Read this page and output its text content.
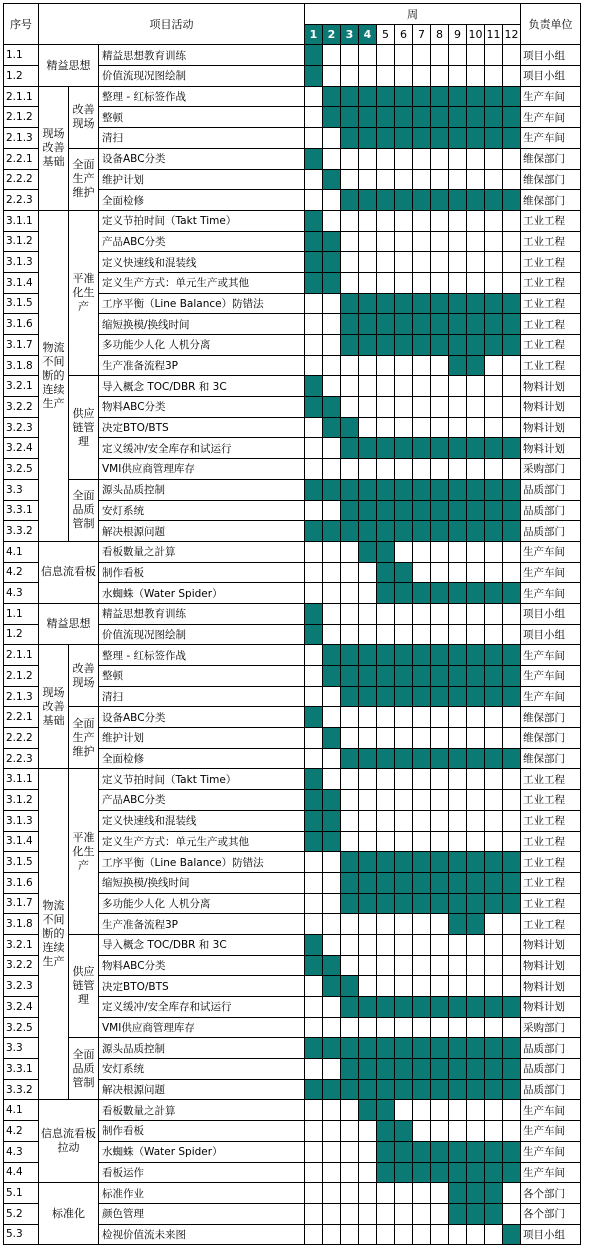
序号	项目活动			周												负责单位
				1	2	3	4	5	6	7	8	9	10	11	12	
1.1	精益思想		精益思想教育训练													项目小组
1.2			价值流现况图绘制													项目小组
2.1.1	现场改善基础	改善现场	整理 - 红标签作战													生产车间
2.1.2			整顿													生产车间
2.1.3			清扫													生产车间
2.2.1		全面生产维护	设备ABC分类													维保部门
2.2.2			维护计划													维保部门
2.2.3			全面检修													维保部门
3.1.1	物流不间断的连续生产	平准化生产	定义节拍时间（Takt Time）													工业工程
3.1.2			产品ABC分类													工业工程
3.1.3			定义快速线和混装线													工业工程
3.1.4			定义生产方式：单元生产或其他													工业工程
3.1.5			工序平衡（Line Balance）防错法													工业工程
3.1.6			缩短换模/换线时间													工业工程
3.1.7			多功能少人化 人机分离													工业工程
3.1.8			生产准备流程3P													工业工程
3.2.1		供应链管理	导入概念 TOC/DBR 和 3C													物料计划
3.2.2			物料ABC分类													物料计划
3.2.3			决定BTO/BTS													物料计划
3.2.4			定义缓冲/安全库存和试运行													物料计划
3.2.5			VMI供应商管理库存													采购部门
3.3		全面品质管制	源头品质控制													品质部门
3.3.1			安灯系统													品质部门
3.3.2			解决根源问题													品质部门
4.1	信息流看板		看板數量之計算													生产车间
4.2			制作看板													生产车间
4.3			水蜘蛛（Water Spider）													生产车间
1.1	精益思想		精益思想教育训练													项目小组
1.2			价值流现况图绘制													项目小组
2.1.1	现场改善基础	改善现场	整理 - 红标签作战													生产车间
2.1.2			整顿													生产车间
2.1.3			清扫													生产车间
2.2.1		全面生产维护	设备ABC分类													维保部门
2.2.2			维护计划													维保部门
2.2.3			全面检修													维保部门
3.1.1	物流不间断的连续生产	平准化生产	定义节拍时间（Takt Time）													工业工程
3.1.2			产品ABC分类													工业工程
3.1.3			定义快速线和混装线													工业工程
3.1.4			定义生产方式：单元生产或其他													工业工程
3.1.5			工序平衡（Line Balance）防错法													工业工程
3.1.6			缩短换模/换线时间													工业工程
3.1.7			多功能少人化 人机分离													工业工程
3.1.8			生产准备流程3P													工业工程
3.2.1		供应链管理	导入概念 TOC/DBR 和 3C													物料计划
3.2.2			物料ABC分类													物料计划
3.2.3			决定BTO/BTS													物料计划
3.2.4			定义缓冲/安全库存和试运行													物料计划
3.2.5			VMI供应商管理库存													采购部门
3.3		全面品质管制	源头品质控制													品质部门
3.3.1			安灯系统													品质部门
3.3.2			解决根源问题													品质部门
4.1	信息流看板拉动		看板數量之計算													生产车间
4.2			制作看板													生产车间
4.3			水蜘蛛（Water Spider）													生产车间
4.4			看板运作													生产车间
5.1	标准化		标准作业													各个部门
5.2			颜色管理													各个部门
5.3			检视价值流未来图													项目小组
